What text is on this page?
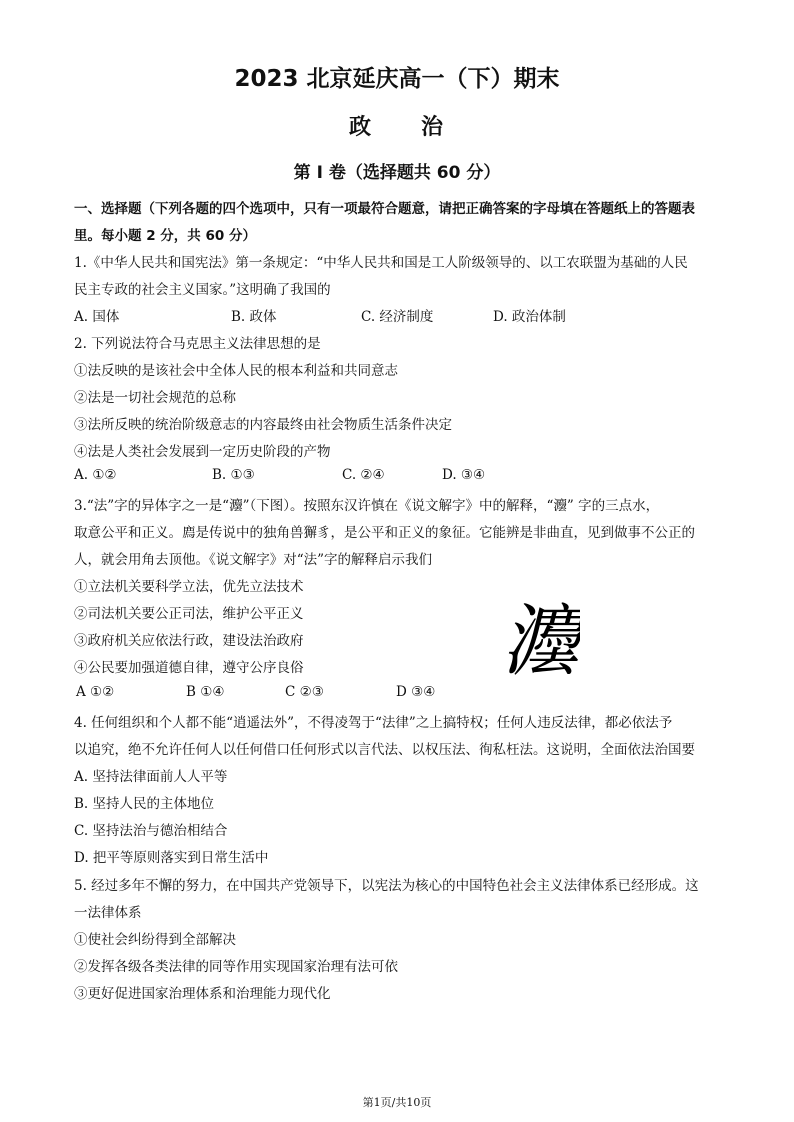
2023 北京延庆高一（下）期末
政　　治
第 I 卷（选择题共 60 分）
一、选择题（下列各题的四个选项中，只有一项最符合题意，请把正确答案的字母填在答题纸上的答题表
里。每小题 2 分，共 60 分）
1.《中华人民共和国宪法》第一条规定：“中华人民共和国是工人阶级领导的、以工农联盟为基础的人民
民主专政的社会主义国家。”这明确了我国的
A. 国体	B. 政体	C. 经济制度	D. 政治体制
2. 下列说法符合马克思主义法律思想的是
①法反映的是该社会中全体人民的根本利益和共同意志
②法是一切社会规范的总称
③法所反映的统治阶级意志的内容最终由社会物质生活条件决定
④法是人类社会发展到一定历史阶段的产物
A. ①②	B. ①③	C. ②④	D. ③④
3.“法”字的异体字之一是“灋”（下图）。按照东汉许慎在《说文解字》中的解释，“灋” 字的三点水，
取意公平和正义。廌是传说中的独角兽獬豸，是公平和正义的象征。它能辨是非曲直，见到做事不公正的
人，就会用角去顶他。《说文解字》对“法”字的解释启示我们
①立法机关要科学立法，优先立法技术
②司法机关要公正司法，维护公平正义
③政府机关应依法行政，建设法治政府
④公民要加强道德自律，遵守公序良俗	灋
A ①②	B ①④	C ②③	D ③④
4. 任何组织和个人都不能“逍遥法外”，不得凌驾于“法律”之上搞特权；任何人违反法律，都必依法予
以追究，绝不允许任何人以任何借口任何形式以言代法、以权压法、徇私枉法。这说明，全面依法治国要
A. 坚持法律面前人人平等
B. 坚持人民的主体地位
C. 坚持法治与德治相结合
D. 把平等原则落实到日常生活中
5. 经过多年不懈的努力，在中国共产党领导下，以宪法为核心的中国特色社会主义法律体系已经形成。这
一法律体系
①使社会纠纷得到全部解决
②发挥各级各类法律的同等作用实现国家治理有法可依
③更好促进国家治理体系和治理能力现代化
第1页/共10页
